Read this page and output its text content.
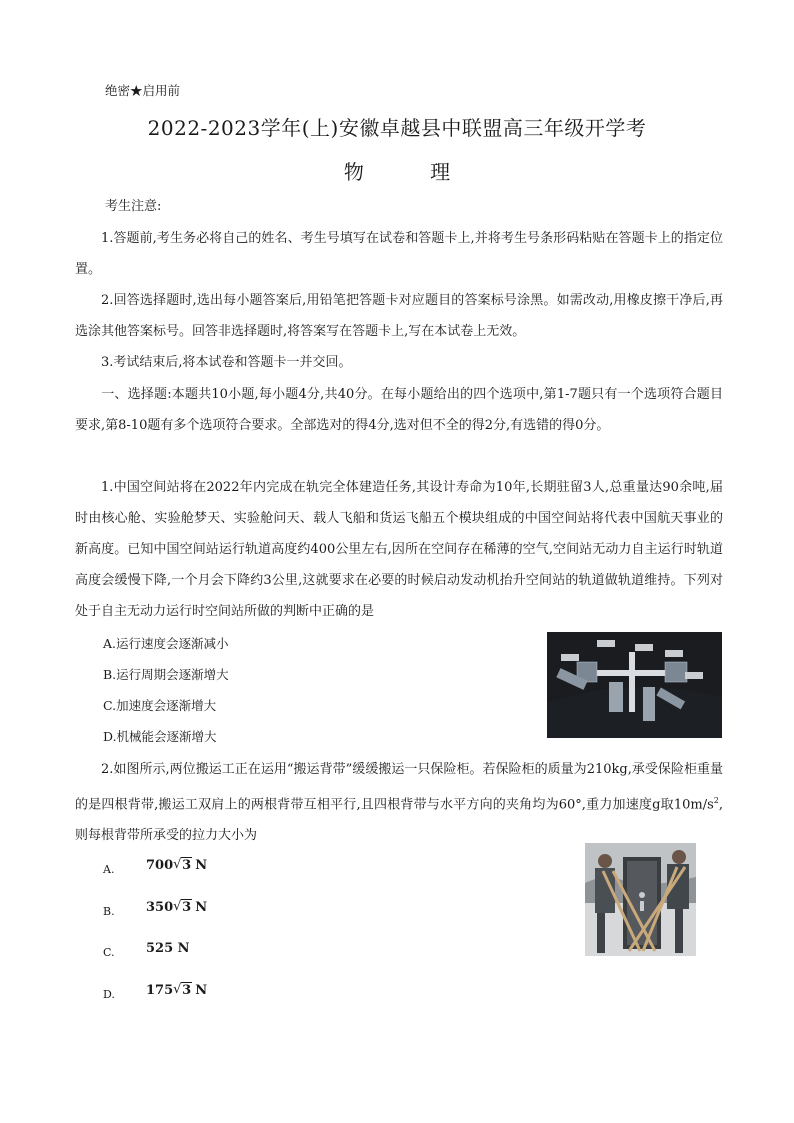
绝密★启用前
2022-2023学年(上)安徽卓越县中联盟高三年级开学考
物 理
考生注意:
1.答题前,考生务必将自己的姓名、考生号填写在试卷和答题卡上,并将考生号条形码粘贴在答题卡上的指定位置。
2.回答选择题时,选出每小题答案后,用铅笔把答题卡对应题目的答案标号涂黑。如需改动,用橡皮擦干净后,再选涂其他答案标号。回答非选择题时,将答案写在答题卡上,写在本试卷上无效。
3.考试结束后,将本试卷和答题卡一并交回。
一、选择题:本题共10小题,每小题4分,共40分。在每小题给出的四个选项中,第1-7题只有一个选项符合题目要求,第8-10题有多个选项符合要求。全部选对的得4分,选对但不全的得2分,有选错的得0分。
1.中国空间站将在2022年内完成在轨完全体建造任务,其设计寿命为10年,长期驻留3人,总重量达90余吨,届时由核心舱、实验舱梦天、实验舱问天、载人飞船和货运飞船五个模块组成的中国空间站将代表中国航天事业的新高度。已知中国空间站运行轨道高度约400公里左右,因所在空间存在稀薄的空气,空间站无动力自主运行时轨道高度会缓慢下降,一个月会下降约3公里,这就要求在必要的时候启动发动机抬升空间站的轨道做轨道维持。下列对处于自主无动力运行时空间站所做的判断中正确的是
A.运行速度会逐渐减小
B.运行周期会逐渐增大
C.加速度会逐渐增大
D.机械能会逐渐增大
2.如图所示,两位搬运工正在运用“搬运背带”缓缓搬运一只保险柜。若保险柜的质量为210kg,承受保险柜重量的是四根背带,搬运工双肩上的两根背带互相平行,且四根背带与水平方向的夹角均为60°,重力加速度g取$10m/s^2$,则每根背带所承受的拉力大小为
A. 700 √ 3 N
B. 350 √ 3 N
C. 525 N
D. 175 √ 3 N
